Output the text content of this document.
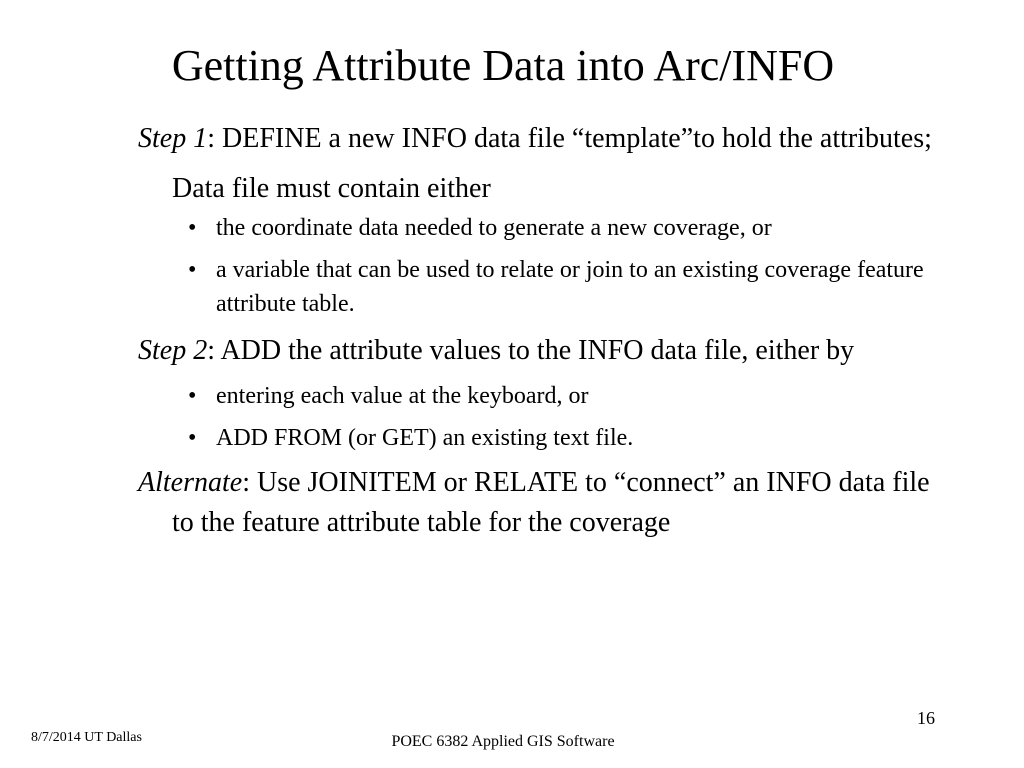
Getting Attribute Data into Arc/INFO

Step 1: DEFINE a new INFO data file “template”to hold the attributes;

Data file must contain either

• the coordinate data needed to generate a new coverage, or
• a variable that can be used to relate or join to an existing coverage feature attribute table.

Step 2: ADD the attribute values to the INFO data file, either by

• entering each value at the keyboard, or
• ADD FROM (or GET) an existing text file.

Alternate: Use JOINITEM or RELATE to “connect” an INFO data file to the feature attribute table for the coverage

16
8/7/2014 UT Dallas	POEC 6382 Applied GIS Software
